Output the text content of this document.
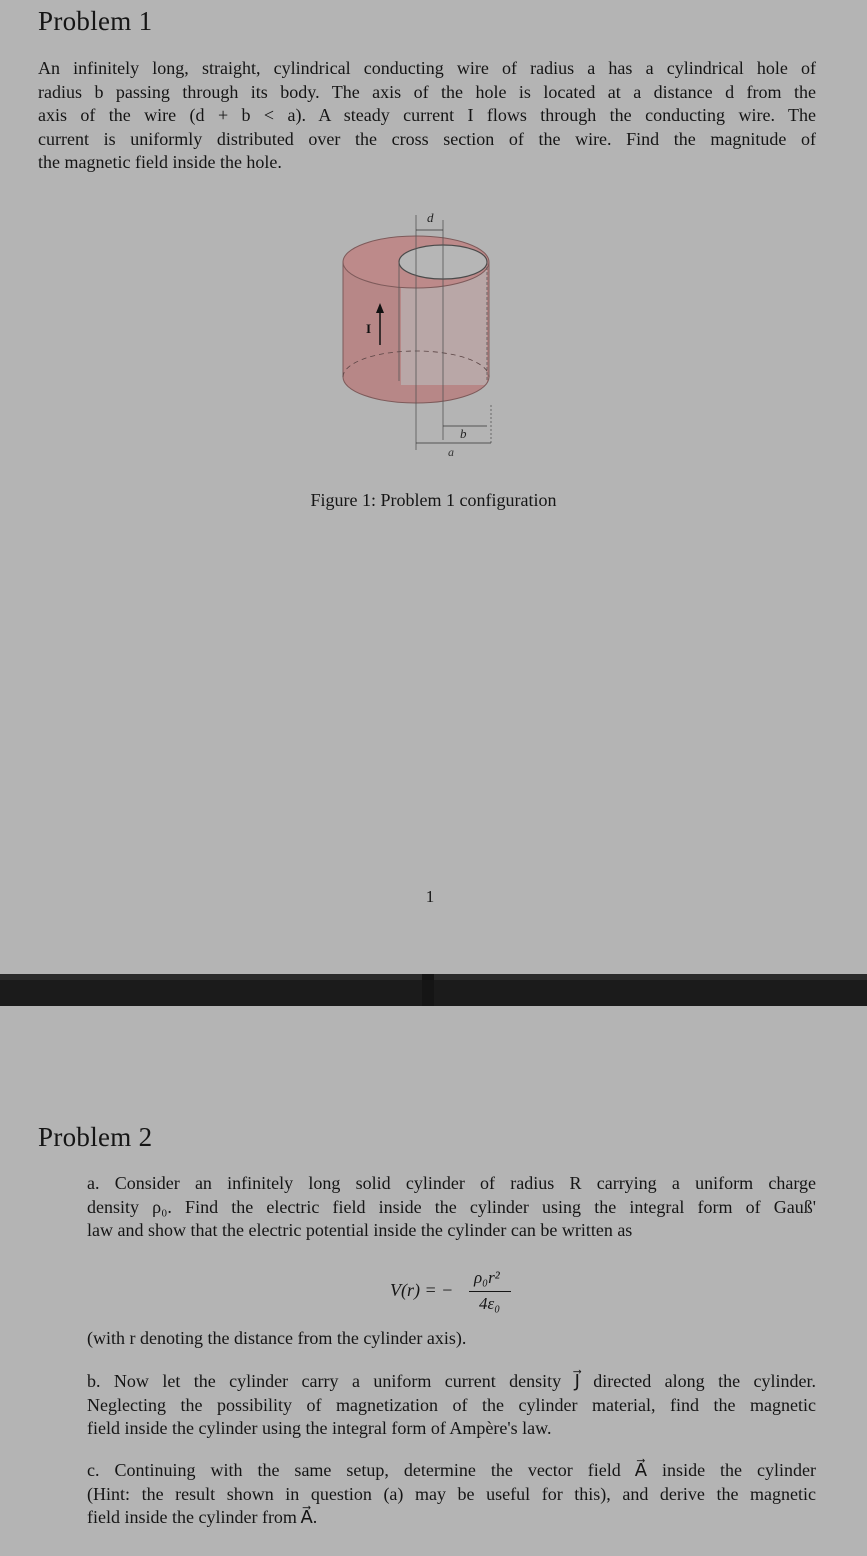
Problem 1
An infinitely long, straight, cylindrical conducting wire of radius a has a cylindrical hole of
radius b passing through its body. The axis of the hole is located at a distance d from the
axis of the wire (d + b < a). A steady current I flows through the conducting wire. The
current is uniformly distributed over the cross section of the wire. Find the magnitude of
the magnetic field inside the hole.
d
b
a
I
Figure 1: Problem 1 configuration
1
Problem 2
a. Consider an infinitely long solid cylinder of radius R carrying a uniform charge
density ρ₀. Find the electric field inside the cylinder using the integral form of Gauß'
law and show that the electric potential inside the cylinder can be written as
V(r) = −
ρ₀r²
4ε₀
(with r denoting the distance from the cylinder axis).
b. Now let the cylinder carry a uniform current density J⃗ directed along the cylinder.
Neglecting the possibility of magnetization of the cylinder material, find the magnetic
field inside the cylinder using the integral form of Ampère's law.
c. Continuing with the same setup, determine the vector field A⃗ inside the cylinder
(Hint: the result shown in question (a) may be useful for this), and derive the magnetic
field inside the cylinder from A⃗.
